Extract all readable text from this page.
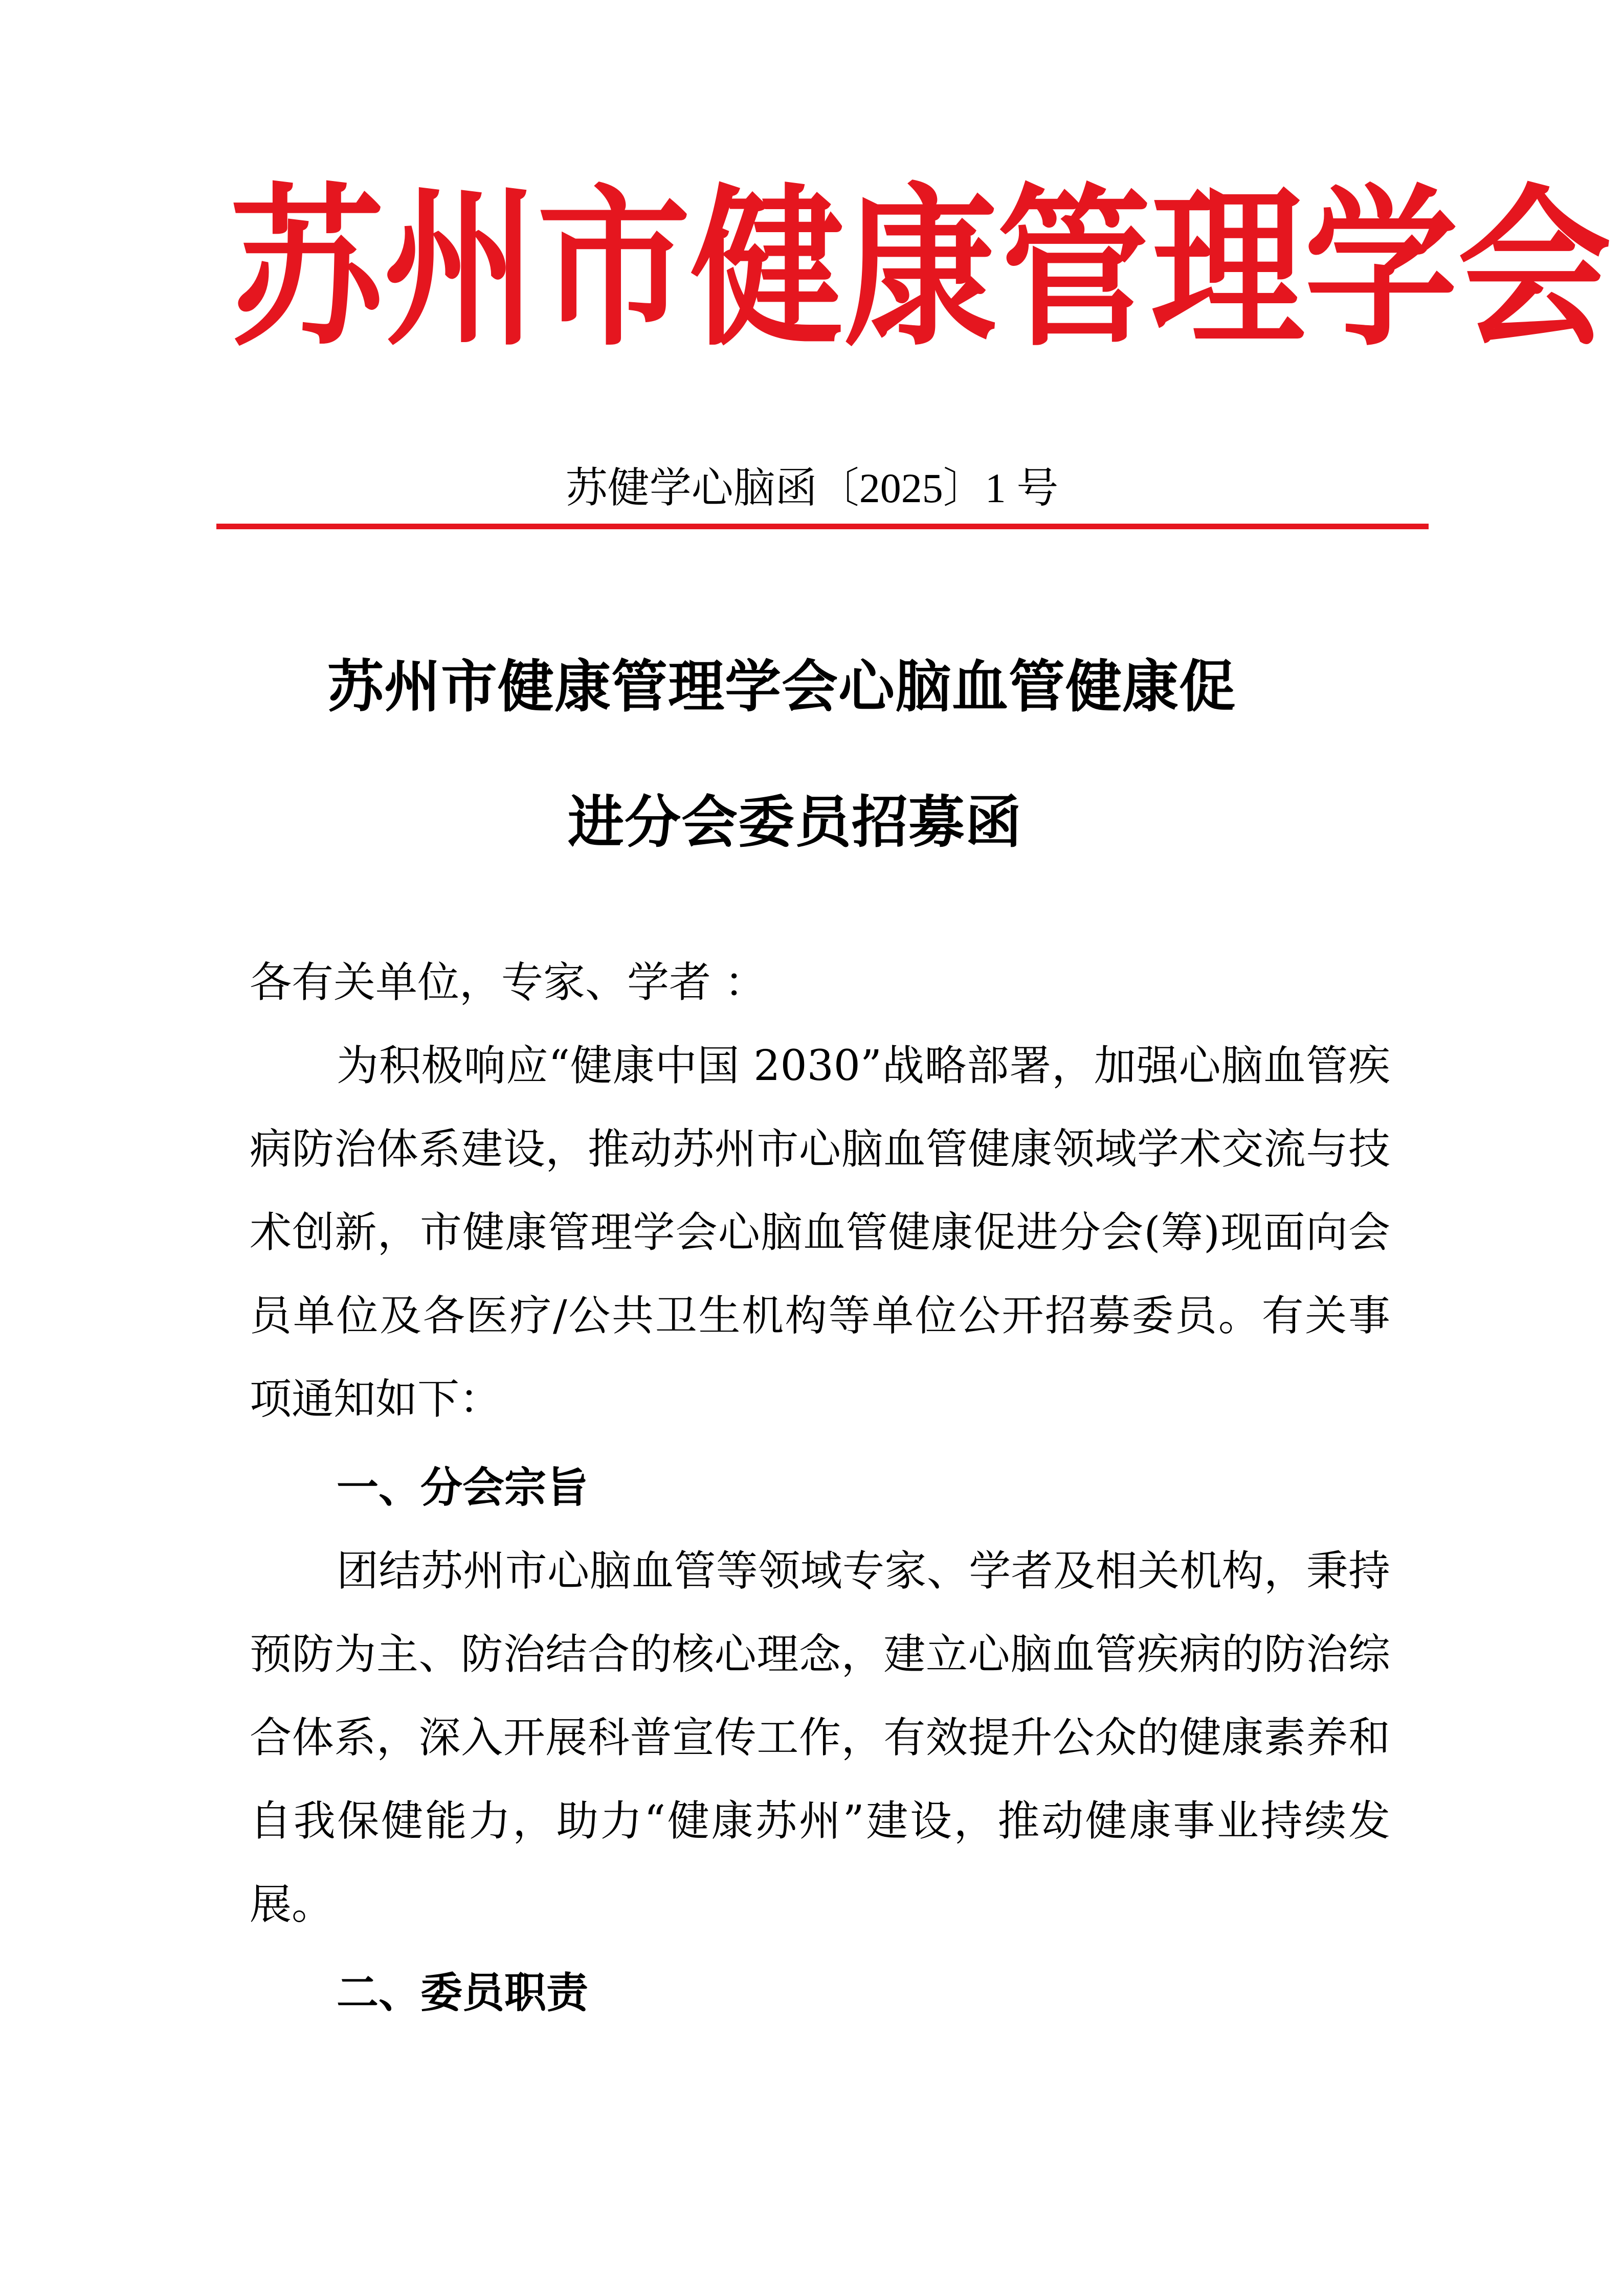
苏 州 市 健 康 管 理 学 会
苏健学心脑函〔2025〕1 号
苏州市健康管理学会心脑血管健康促
进分会委员招募函

各有关单位，专家、学者 ：

为积极响应“健康中国 2030”战略部署，加强心脑血管疾病防治体系建设，推动苏州市心脑血管健康领域学术交流与技术创新，市健康管理学会心脑血管健康促进分会(筹)现面向会员单位及各医疗/公共卫生机构等单位公开招募委员。有关事项通知如下：

一、分会宗旨

团结苏州市心脑血管等领域专家、学者及相关机构，秉持预防为主、防治结合的核心理念，建立心脑血管疾病的防治综合体系，深入开展科普宣传工作，有效提升公众的健康素养和自我保健能力，助力“健康苏州”建设，推动健康事业持续发展。

二、委员职责
